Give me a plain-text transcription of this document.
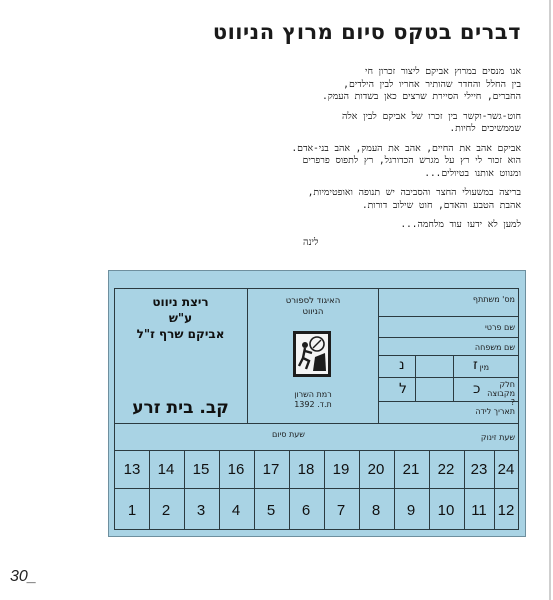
דברים בטקס סיום מרוץ הניווט
אנו מנסים במרוץ אביקם ליצור זכרון חי
בין החלל והחדר שהותיר אחריו לבין הילדים,
החברים, חיילי הסיירת שרצים כאן בשדות העמק.
חוט-גשר-וקשר בין זכרו של אביקם לבין אלה
שממשיכים לחיות.
אביקם אהב את החיים, אהב את העמק, אהב בני-אדם.
הוא זכור לי רץ על מגרש הכדורגל, רץ לתפוס פרפרים
ומנווט אותנו בטיולים...
בריצה במשעולי החצר והסביבה יש תנופה ואופטימיות,
אהבת הטבע והאדם, חוט שילוב דורות.
למען לא ידעו עוד מלחמה...
לינה
מס' משתתף
שם פרטי
שם משפחה
מין
חלק מקבוצה ?
תאריך לידה
שעת זינוק
ז
נ
כ
ל
האיגוד לספורט
הניווט
רמת השרון
ת.ד. 1392
שעת סיום
ריצת ניווט
ע"ש
אביקם שרף ז"ל
קב. בית זרע
24
23
22
21
20
19
18
17
16
15
14
13
12
11
10
9
8
7
6
5
4
3
2
1
30_
